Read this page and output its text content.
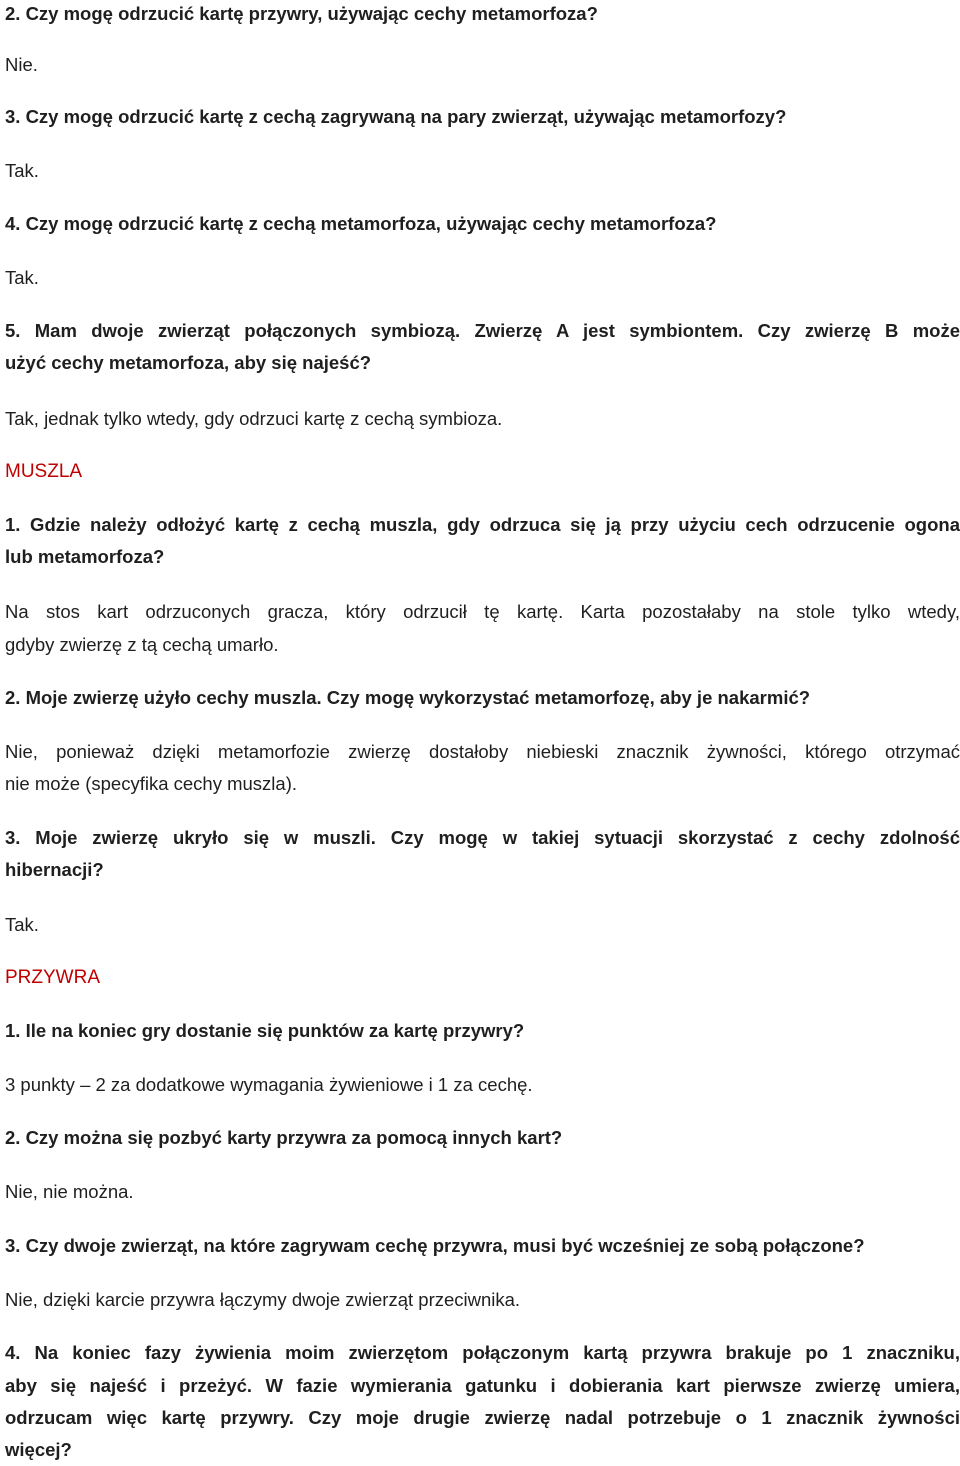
2. Czy mogę odrzucić kartę przywry, używając cechy metamorfoza?
Nie.
3. Czy mogę odrzucić kartę z cechą zagrywaną na pary zwierząt, używając metamorfozy?
Tak.
4. Czy mogę odrzucić kartę z cechą metamorfoza, używając cechy metamorfoza?
Tak.
5. Mam dwoje zwierząt połączonych symbiozą. Zwierzę A jest symbiontem. Czy zwierzę B może
użyć cechy metamorfoza, aby się najeść?
Tak, jednak tylko wtedy, gdy odrzuci kartę z cechą symbioza.
MUSZLA
1. Gdzie należy odłożyć kartę z cechą muszla, gdy odrzuca się ją przy użyciu cech odrzucenie ogona
lub metamorfoza?
Na stos kart odrzuconych gracza, który odrzucił tę kartę. Karta pozostałaby na stole tylko wtedy,
gdyby zwierzę z tą cechą umarło.
2. Moje zwierzę użyło cechy muszla. Czy mogę wykorzystać metamorfozę, aby je nakarmić?
Nie, ponieważ dzięki metamorfozie zwierzę dostałoby niebieski znacznik żywności, którego otrzymać
nie może (specyfika cechy muszla).
3. Moje zwierzę ukryło się w muszli. Czy mogę w takiej sytuacji skorzystać z cechy zdolność
hibernacji?
Tak.
PRZYWRA
1. Ile na koniec gry dostanie się punktów za kartę przywry?
3 punkty – 2 za dodatkowe wymagania żywieniowe i 1 za cechę.
2. Czy można się pozbyć karty przywra za pomocą innych kart?
Nie, nie można.
3. Czy dwoje zwierząt, na które zagrywam cechę przywra, musi być wcześniej ze sobą połączone?
Nie, dzięki karcie przywra łączymy dwoje zwierząt przeciwnika.
4. Na koniec fazy żywienia moim zwierzętom połączonym kartą przywra brakuje po 1 znaczniku,
aby się najeść i przeżyć. W fazie wymierania gatunku i dobierania kart pierwsze zwierzę umiera,
odrzucam więc kartę przywry. Czy moje drugie zwierzę nadal potrzebuje o 1 znacznik żywności
więcej?
